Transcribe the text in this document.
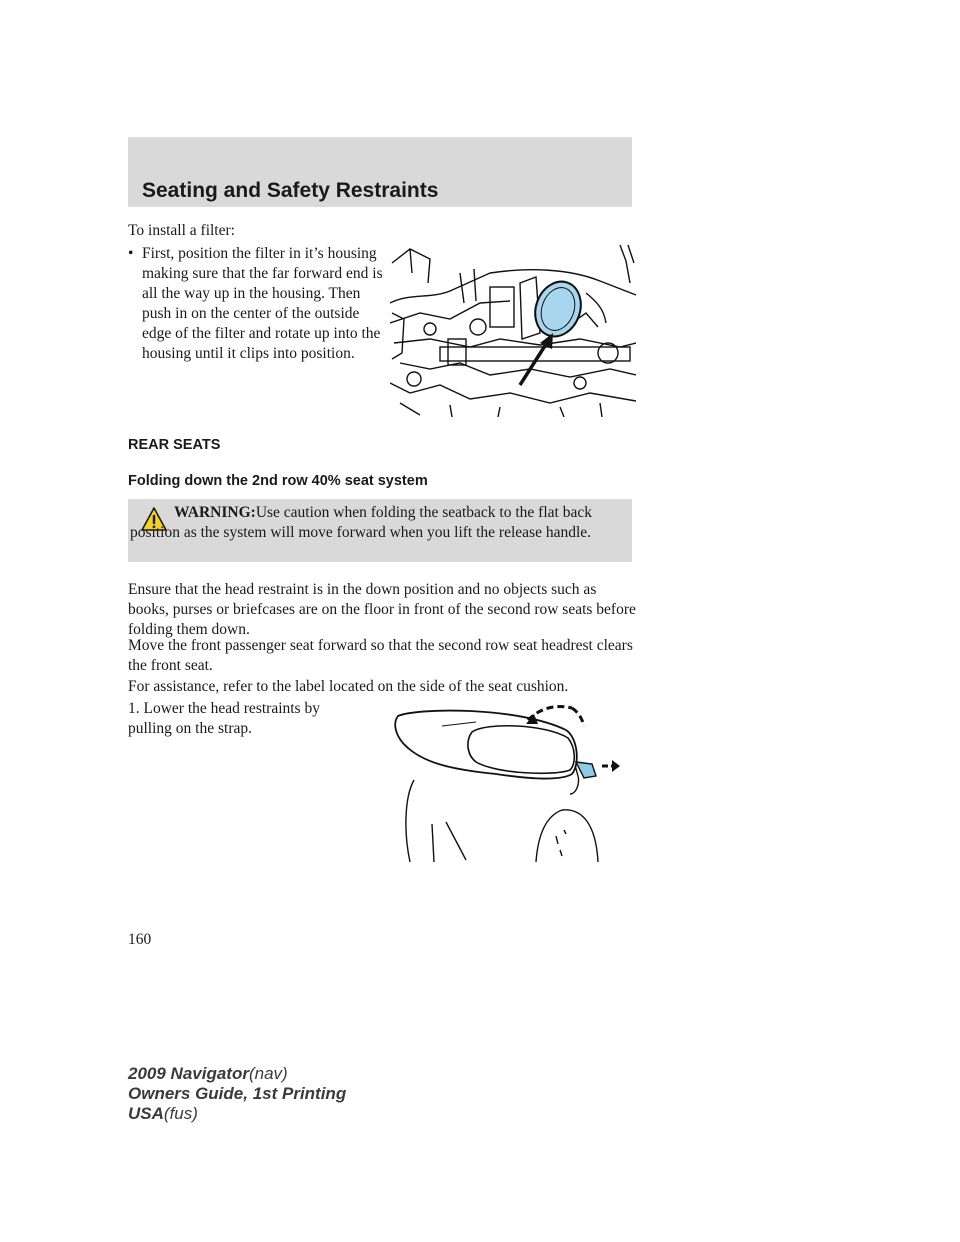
Seating and Safety Restraints
To install a filter:
• First, position the filter in it’s housing making sure that the far forward end is all the way up in the housing. Then push in on the center of the outside edge of the filter and rotate up into the housing until it clips into position.
REAR SEATS
Folding down the 2nd row 40% seat system
WARNING:Use caution when folding the seatback to the flat back position as the system will move forward when you lift the release handle.
Ensure that the head restraint is in the down position and no objects such as books, purses or briefcases are on the floor in front of the second row seats before folding them down.
Move the front passenger seat forward so that the second row seat headrest clears the front seat.
For assistance, refer to the label located on the side of the seat cushion.
1. Lower the head restraints by pulling on the strap.
160
2009 Navigator(nav)
Owners Guide, 1st Printing
USA(fus)
